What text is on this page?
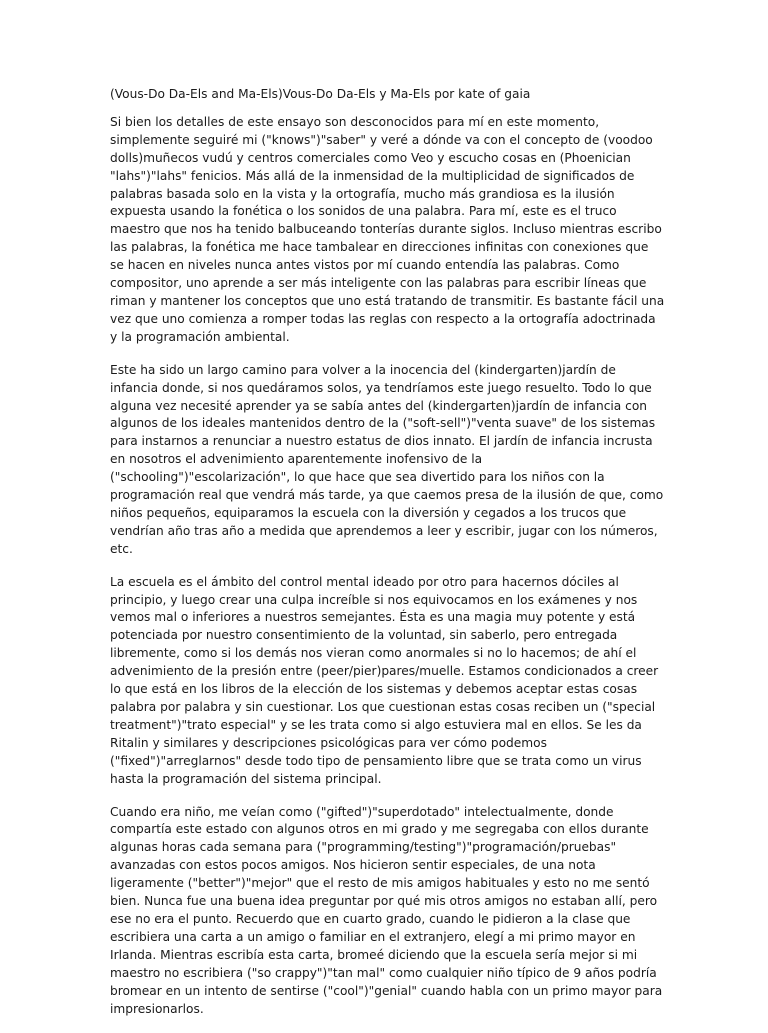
(Vous-Do Da-Els and Ma-Els)Vous-Do Da-Els y Ma-Els por kate of gaia

Si bien los detalles de este ensayo son desconocidos para mí en este momento, simplemente seguiré mi ("knows")"saber" y veré a dónde va con el concepto de (voodoo dolls)muñecos vudú y centros comerciales como Veo y escucho cosas en (Phoenician "lahs")"lahs" fenicios. Más allá de la inmensidad de la multiplicidad de significados de palabras basada solo en la vista y la ortografía, mucho más grandiosa es la ilusión expuesta usando la fonética o los sonidos de una palabra. Para mí, este es el truco maestro que nos ha tenido balbuceando tonterías durante siglos. Incluso mientras escribo las palabras, la fonética me hace tambalear en direcciones infinitas con conexiones que se hacen en niveles nunca antes vistos por mí cuando entendía las palabras. Como compositor, uno aprende a ser más inteligente con las palabras para escribir líneas que riman y mantener los conceptos que uno está tratando de transmitir. Es bastante fácil una vez que uno comienza a romper todas las reglas con respecto a la ortografía adoctrinada y la programación ambiental.

Este ha sido un largo camino para volver a la inocencia del (kindergarten)jardín de infancia donde, si nos quedáramos solos, ya tendríamos este juego resuelto. Todo lo que alguna vez necesité aprender ya se sabía antes del (kindergarten)jardín de infancia con algunos de los ideales mantenidos dentro de la ("soft-sell")"venta suave" de los sistemas para instarnos a renunciar a nuestro estatus de dios innato. El jardín de infancia incrusta en nosotros el advenimiento aparentemente inofensivo de la ("schooling")"escolarización", lo que hace que sea divertido para los niños con la programación real que vendrá más tarde, ya que caemos presa de la ilusión de que, como niños pequeños, equiparamos la escuela con la diversión y cegados a los trucos que vendrían año tras año a medida que aprendemos a leer y escribir, jugar con los números, etc.

La escuela es el ámbito del control mental ideado por otro para hacernos dóciles al principio, y luego crear una culpa increíble si nos equivocamos en los exámenes y nos vemos mal o inferiores a nuestros semejantes. Ésta es una magia muy potente y está potenciada por nuestro consentimiento de la voluntad, sin saberlo, pero entregada libremente, como si los demás nos vieran como anormales si no lo hacemos; de ahí el advenimiento de la presión entre (peer/pier)pares/muelle. Estamos condicionados a creer lo que está en los libros de la elección de los sistemas y debemos aceptar estas cosas palabra por palabra y sin cuestionar. Los que cuestionan estas cosas reciben un ("special treatment")"trato especial" y se les trata como si algo estuviera mal en ellos. Se les da Ritalin y similares y descripciones psicológicas para ver cómo podemos ("fixed")"arreglarnos" desde todo tipo de pensamiento libre que se trata como un virus hasta la programación del sistema principal.

Cuando era niño, me veían como ("gifted")"superdotado" intelectualmente, donde compartía este estado con algunos otros en mi grado y me segregaba con ellos durante algunas horas cada semana para ("programming/testing")"programación/pruebas" avanzadas con estos pocos amigos. Nos hicieron sentir especiales, de una nota ligeramente ("better")"mejor" que el resto de mis amigos habituales y esto no me sentó bien. Nunca fue una buena idea preguntar por qué mis otros amigos no estaban allí, pero ese no era el punto. Recuerdo que en cuarto grado, cuando le pidieron a la clase que escribiera una carta a un amigo o familiar en el extranjero, elegí a mi primo mayor en Irlanda. Mientras escribía esta carta, bromeé diciendo que la escuela sería mejor si mi maestro no escribiera ("so crappy")"tan mal" como cualquier niño típico de 9 años podría bromear en un intento de sentirse ("cool")"genial" cuando habla con un primo mayor para impresionarlos.
